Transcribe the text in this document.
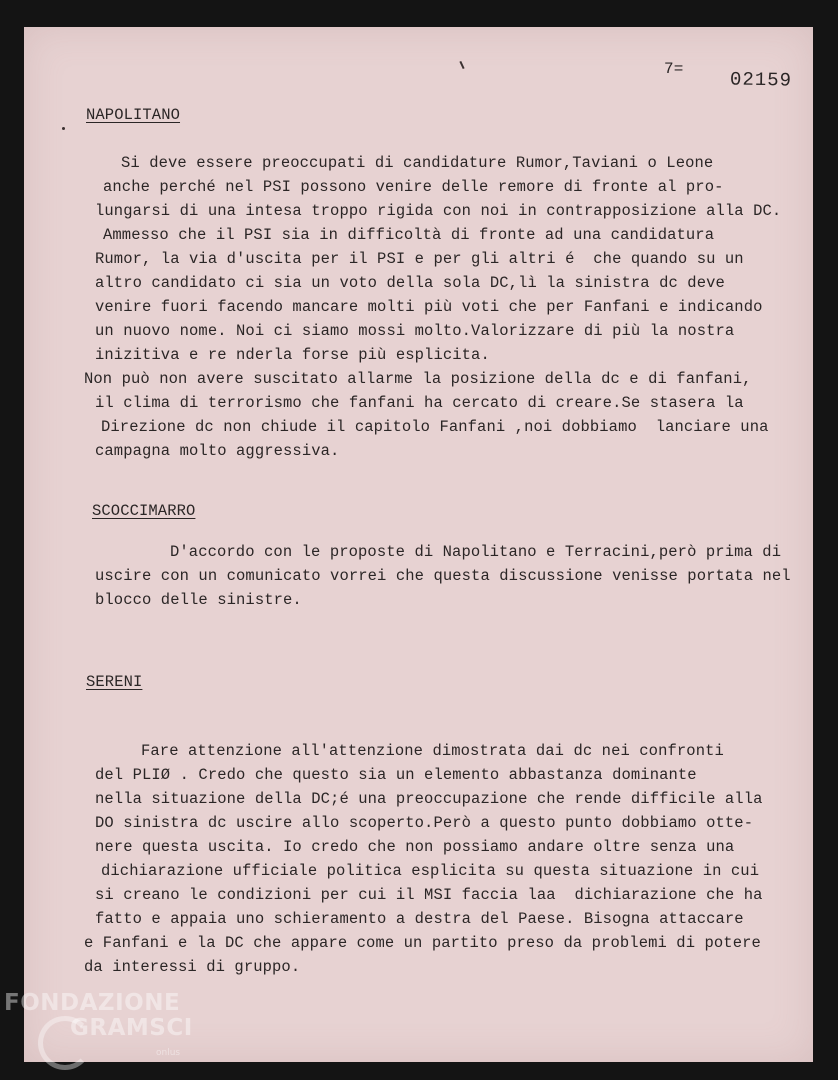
7= 02159
NAPOLITANO

Si deve essere preoccupati di candidature Rumor,Taviani o Leone

anche perché nel PSI possono venire delle remore di fronte al pro-

lungarsi di una intesa troppo rigida con noi in contrapposizione alla DC.

Ammesso che il PSI sia in difficoltà di fronte ad una candidatura

Rumor, la via d'uscita per il PSI e per gli altri é  che quando su un

altro candidato ci sia un voto della sola DC,lì la sinistra dc deve

venire fuori facendo mancare molti più voti che per Fanfani e indicando

un nuovo nome. Noi ci siamo mossi molto.Valorizzare di più la nostra

inizitiva e re nderla forse più esplicita.

Non può non avere suscitato allarme la posizione della dc e di fanfani,

il clima di terrorismo che fanfani ha cercato di creare.Se stasera la

Direzione dc non chiude il capitolo Fanfani ,noi dobbiamo  lanciare una

campagna molto aggressiva.

SCOCCIMARRO

D'accordo con le proposte di Napolitano e Terracini,però prima di

uscire con un comunicato vorrei che questa discussione venisse portata nel

blocco delle sinistre.

SERENI

Fare attenzione all'attenzione dimostrata dai dc nei confronti

del PLIØ . Credo che questo sia un elemento abbastanza dominante

nella situazione della DC;é una preoccupazione che rende difficile alla

DO sinistra dc uscire allo scoperto.Però a questo punto dobbiamo otte-

nere questa uscita. Io credo che non possiamo andare oltre senza una

dichiarazione ufficiale politica esplicita su questa situazione in cui

si creano le condizioni per cui il MSI faccia laa  dichiarazione che ha

fatto e appaia uno schieramento a destra del Paese. Bisogna attaccare

e Fanfani e la DC che appare come un partito preso da problemi di potere

da interessi di gruppo.

FONDAZIONE
GRAMSCI
onlus
